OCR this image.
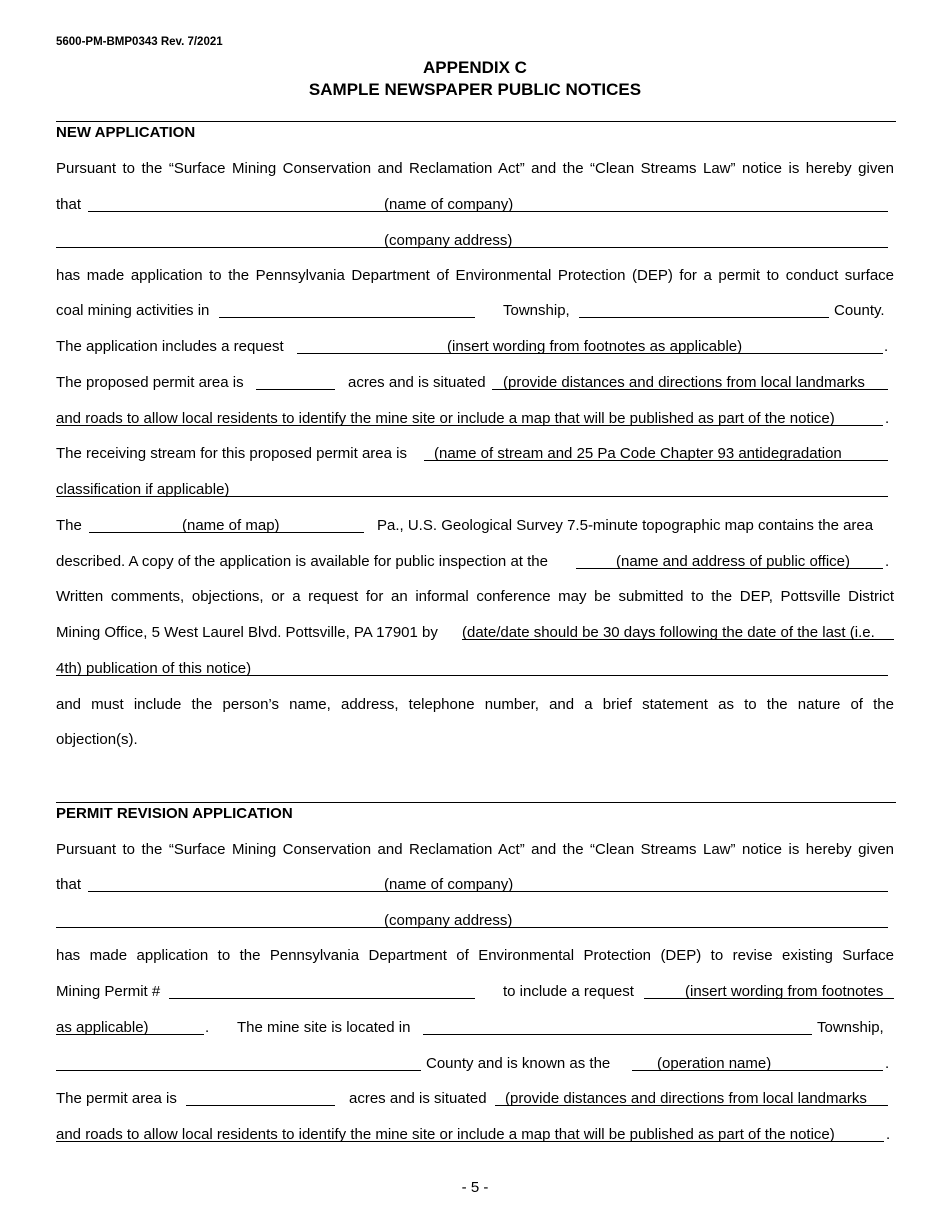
5600-PM-BMP0343 Rev. 7/2021
APPENDIX C
SAMPLE NEWSPAPER PUBLIC NOTICES
NEW APPLICATION
Pursuant to the “Surface Mining Conservation and Reclamation Act” and the “Clean Streams Law” notice is hereby given
that	(name of company)
(company address)
has made application to the Pennsylvania Department of Environmental Protection (DEP) for a permit to conduct surface
coal mining activities in	Township,	County.
The application includes a request	(insert wording from footnotes as applicable)	.
The proposed permit area is	acres and is situated (provide distances and directions from local landmarks
and roads to allow local residents to identify the mine site or include a map that will be published as part of the notice)	.
The receiving stream for this proposed permit area is (name of stream and 25 Pa Code Chapter 93 antidegradation
classification if applicable)
The	(name of map)	Pa., U.S. Geological Survey 7.5-minute topographic map contains the area
described. A copy of the application is available for public inspection at the	(name and address of public office) .
Written comments, objections, or a request for an informal conference may be submitted to the DEP, Pottsville District
Mining Office, 5 West Laurel Blvd. Pottsville, PA 17901 by (date/date should be 30 days following the date of the last (i.e.
4th) publication of this notice)
and must include the person’s name, address, telephone number, and a brief statement as to the nature of the
objection(s).
PERMIT REVISION APPLICATION
Pursuant to the “Surface Mining Conservation and Reclamation Act” and the “Clean Streams Law” notice is hereby given
that	(name of company)
(company address)
has made application to the Pennsylvania Department of Environmental Protection (DEP) to revise existing Surface
Mining Permit #	to include a request	(insert wording from footnotes
as applicable)	. The mine site is located in	Township,
County and is known as the	(operation name)	.
The permit area is	acres and is situated (provide distances and directions from local landmarks
and roads to allow local residents to identify the mine site or include a map that will be published as part of the notice)	.
- 5 -
